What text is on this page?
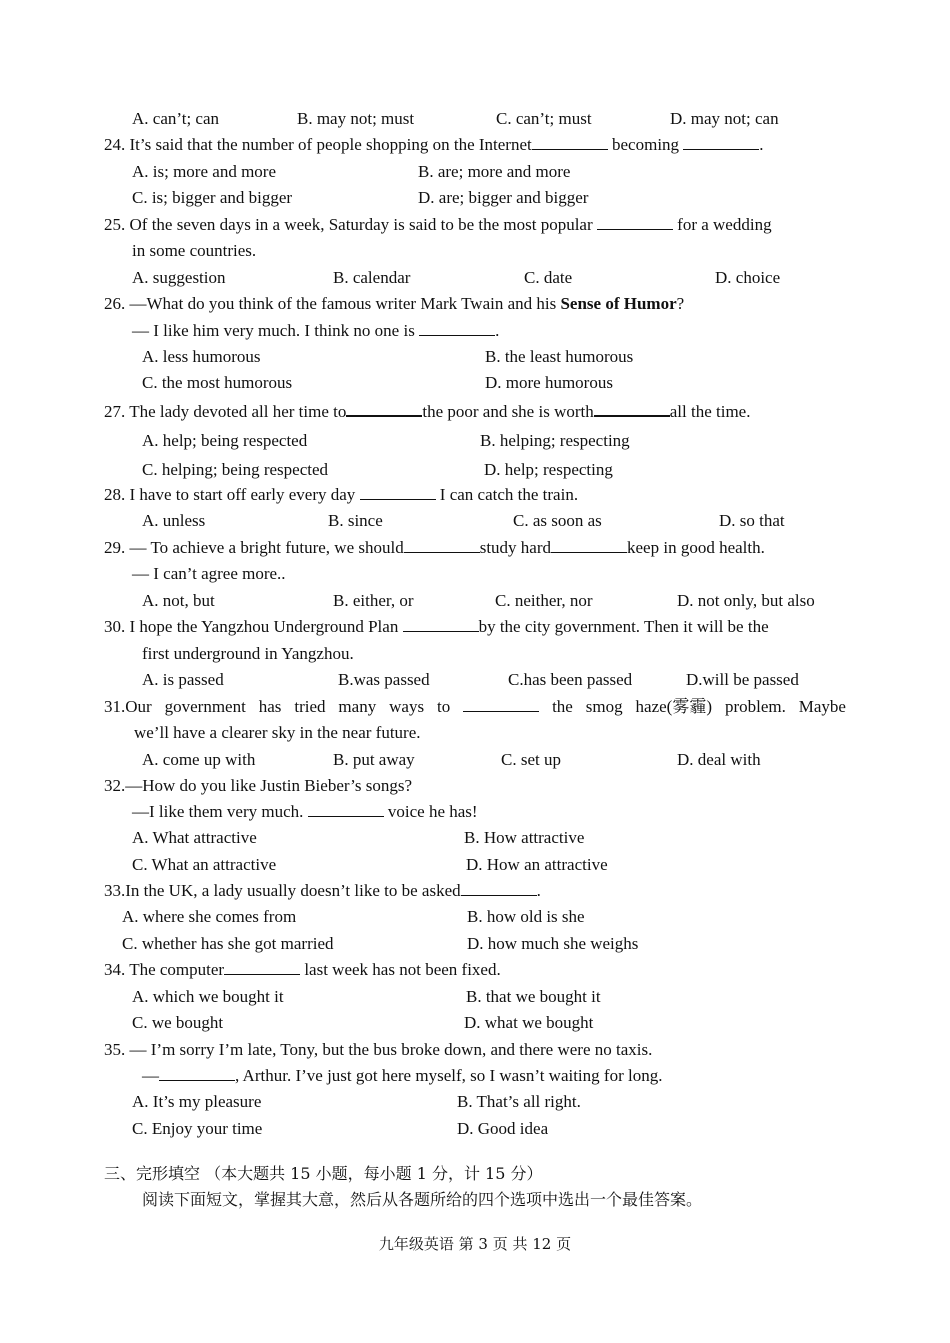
A. can’t; can	B. may not; must	C. can’t; must	D. may not; can
24. It’s said that the number of people shopping on the Internet	becoming	.
A. is; more and more	B. are; more and more
C. is; bigger and bigger	D. are; bigger and bigger
25. Of the seven days in a week, Saturday is said to be the most popular	for a wedding
in some countries.
A. suggestion	B. calendar	C. date	D. choice
26. —What do you think of the famous writer Mark Twain and his Sense of Humor?
— I like him very much. I think no one is	.
A. less humorous	B. the least humorous
C. the most humorous	D. more humorous
27. The lady devoted all her time to	the poor and she is worth	all the time.
A. help; being respected	B. helping; respecting
C. helping; being respected	D. help; respecting
28. I have to start off early every day	I can catch the train.
A. unless	B. since	C. as soon as	D. so that
29. — To achieve a bright future, we should	study hard	keep in good health.
— I can’t agree more..
A. not, but	B. either, or	C. neither, nor	D. not only, but also
30. I hope the Yangzhou Underground Plan	by the city government. Then it will be the
first underground in Yangzhou.
A. is passed	B.was passed	C.has been passed	D.will be passed
31.Our government has tried many ways to	the smog haze(雾霾) problem. Maybe
we’ll have a clearer sky in the near future.
A. come up with	B. put away	C. set up	D. deal with
32.—How do you like Justin Bieber’s songs?
—I like them very much.	voice he has!
A. What attractive	B. How attractive
C. What an attractive	D. How an attractive
33.In the UK, a lady usually doesn’t like to be asked	.
A. where she comes from	B. how old is she
C. whether has she got married	D. how much she weighs
34. The computer	last week has not been fixed.
A. which we bought it	B. that we bought it
C. we bought	D. what we bought
35. — I’m sorry I’m late, Tony, but the bus broke down, and there were no taxis.
—	, Arthur. I’ve just got here myself, so I wasn’t waiting for long.
A. It’s my pleasure	B. That’s all right.
C. Enjoy your time	D. Good idea
三、完形填空 （本大题共 15 小题，每小题 1 分，计 15 分）
阅读下面短文，掌握其大意，然后从各题所给的四个选项中选出一个最佳答案。
九年级英语 第 3 页 共 12 页
